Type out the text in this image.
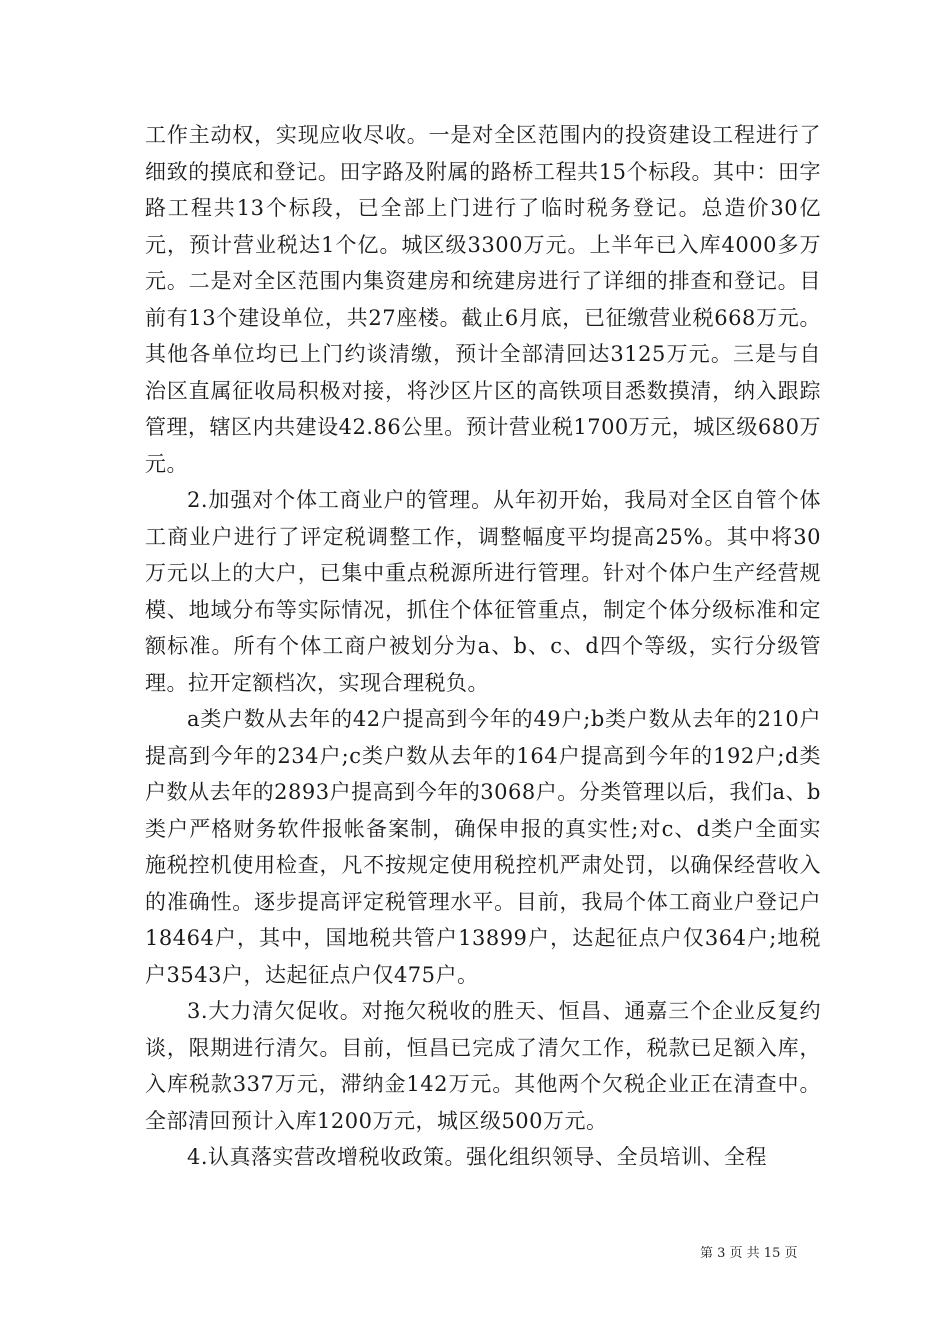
工作主动权，实现应收尽收。一是对全区范围内的投资建设工程进行了细致的摸底和登记。田字路及附属的路桥工程共15个标段。其中：田字路工程共13个标段，已全部上门进行了临时税务登记。总造价30亿元，预计营业税达1个亿。城区级3300万元。上半年已入库4000多万元。二是对全区范围内集资建房和统建房进行了详细的排查和登记。目前有13个建设单位，共27座楼。截止6月底，已征缴营业税668万元。其他各单位均已上门约谈清缴，预计全部清回达3125万元。三是与自治区直属征收局积极对接，将沙区片区的高铁项目悉数摸清，纳入跟踪管理，辖区内共建设42.86公里。预计营业税1700万元，城区级680万元。

2.加强对个体工商业户的管理。从年初开始，我局对全区自管个体工商业户进行了评定税调整工作，调整幅度平均提高25%。其中将30万元以上的大户，已集中重点税源所进行管理。针对个体户生产经营规模、地域分布等实际情况，抓住个体征管重点，制定个体分级标准和定额标准。所有个体工商户被划分为a、b、c、d四个等级，实行分级管理。拉开定额档次，实现合理税负。

a类户数从去年的42户提高到今年的49户;b类户数从去年的210户提高到今年的234户;c类户数从去年的164户提高到今年的192户;d类户数从去年的2893户提高到今年的3068户。分类管理以后，我们a、b类户严格财务软件报帐备案制，确保申报的真实性;对c、d类户全面实施税控机使用检查，凡不按规定使用税控机严肃处罚，以确保经营收入的准确性。逐步提高评定税管理水平。目前，我局个体工商业户登记户18464户，其中，国地税共管户13899户，达起征点户仅364户;地税户3543户，达起征点户仅475户。

3.大力清欠促收。对拖欠税收的胜天、恒昌、通嘉三个企业反复约谈，限期进行清欠。目前，恒昌已完成了清欠工作，税款已足额入库，入库税款337万元，滞纳金142万元。其他两个欠税企业正在清查中。全部清回预计入库1200万元，城区级500万元。

4.认真落实营改增税收政策。强化组织领导、全员培训、全程

第 3 页 共 15 页
